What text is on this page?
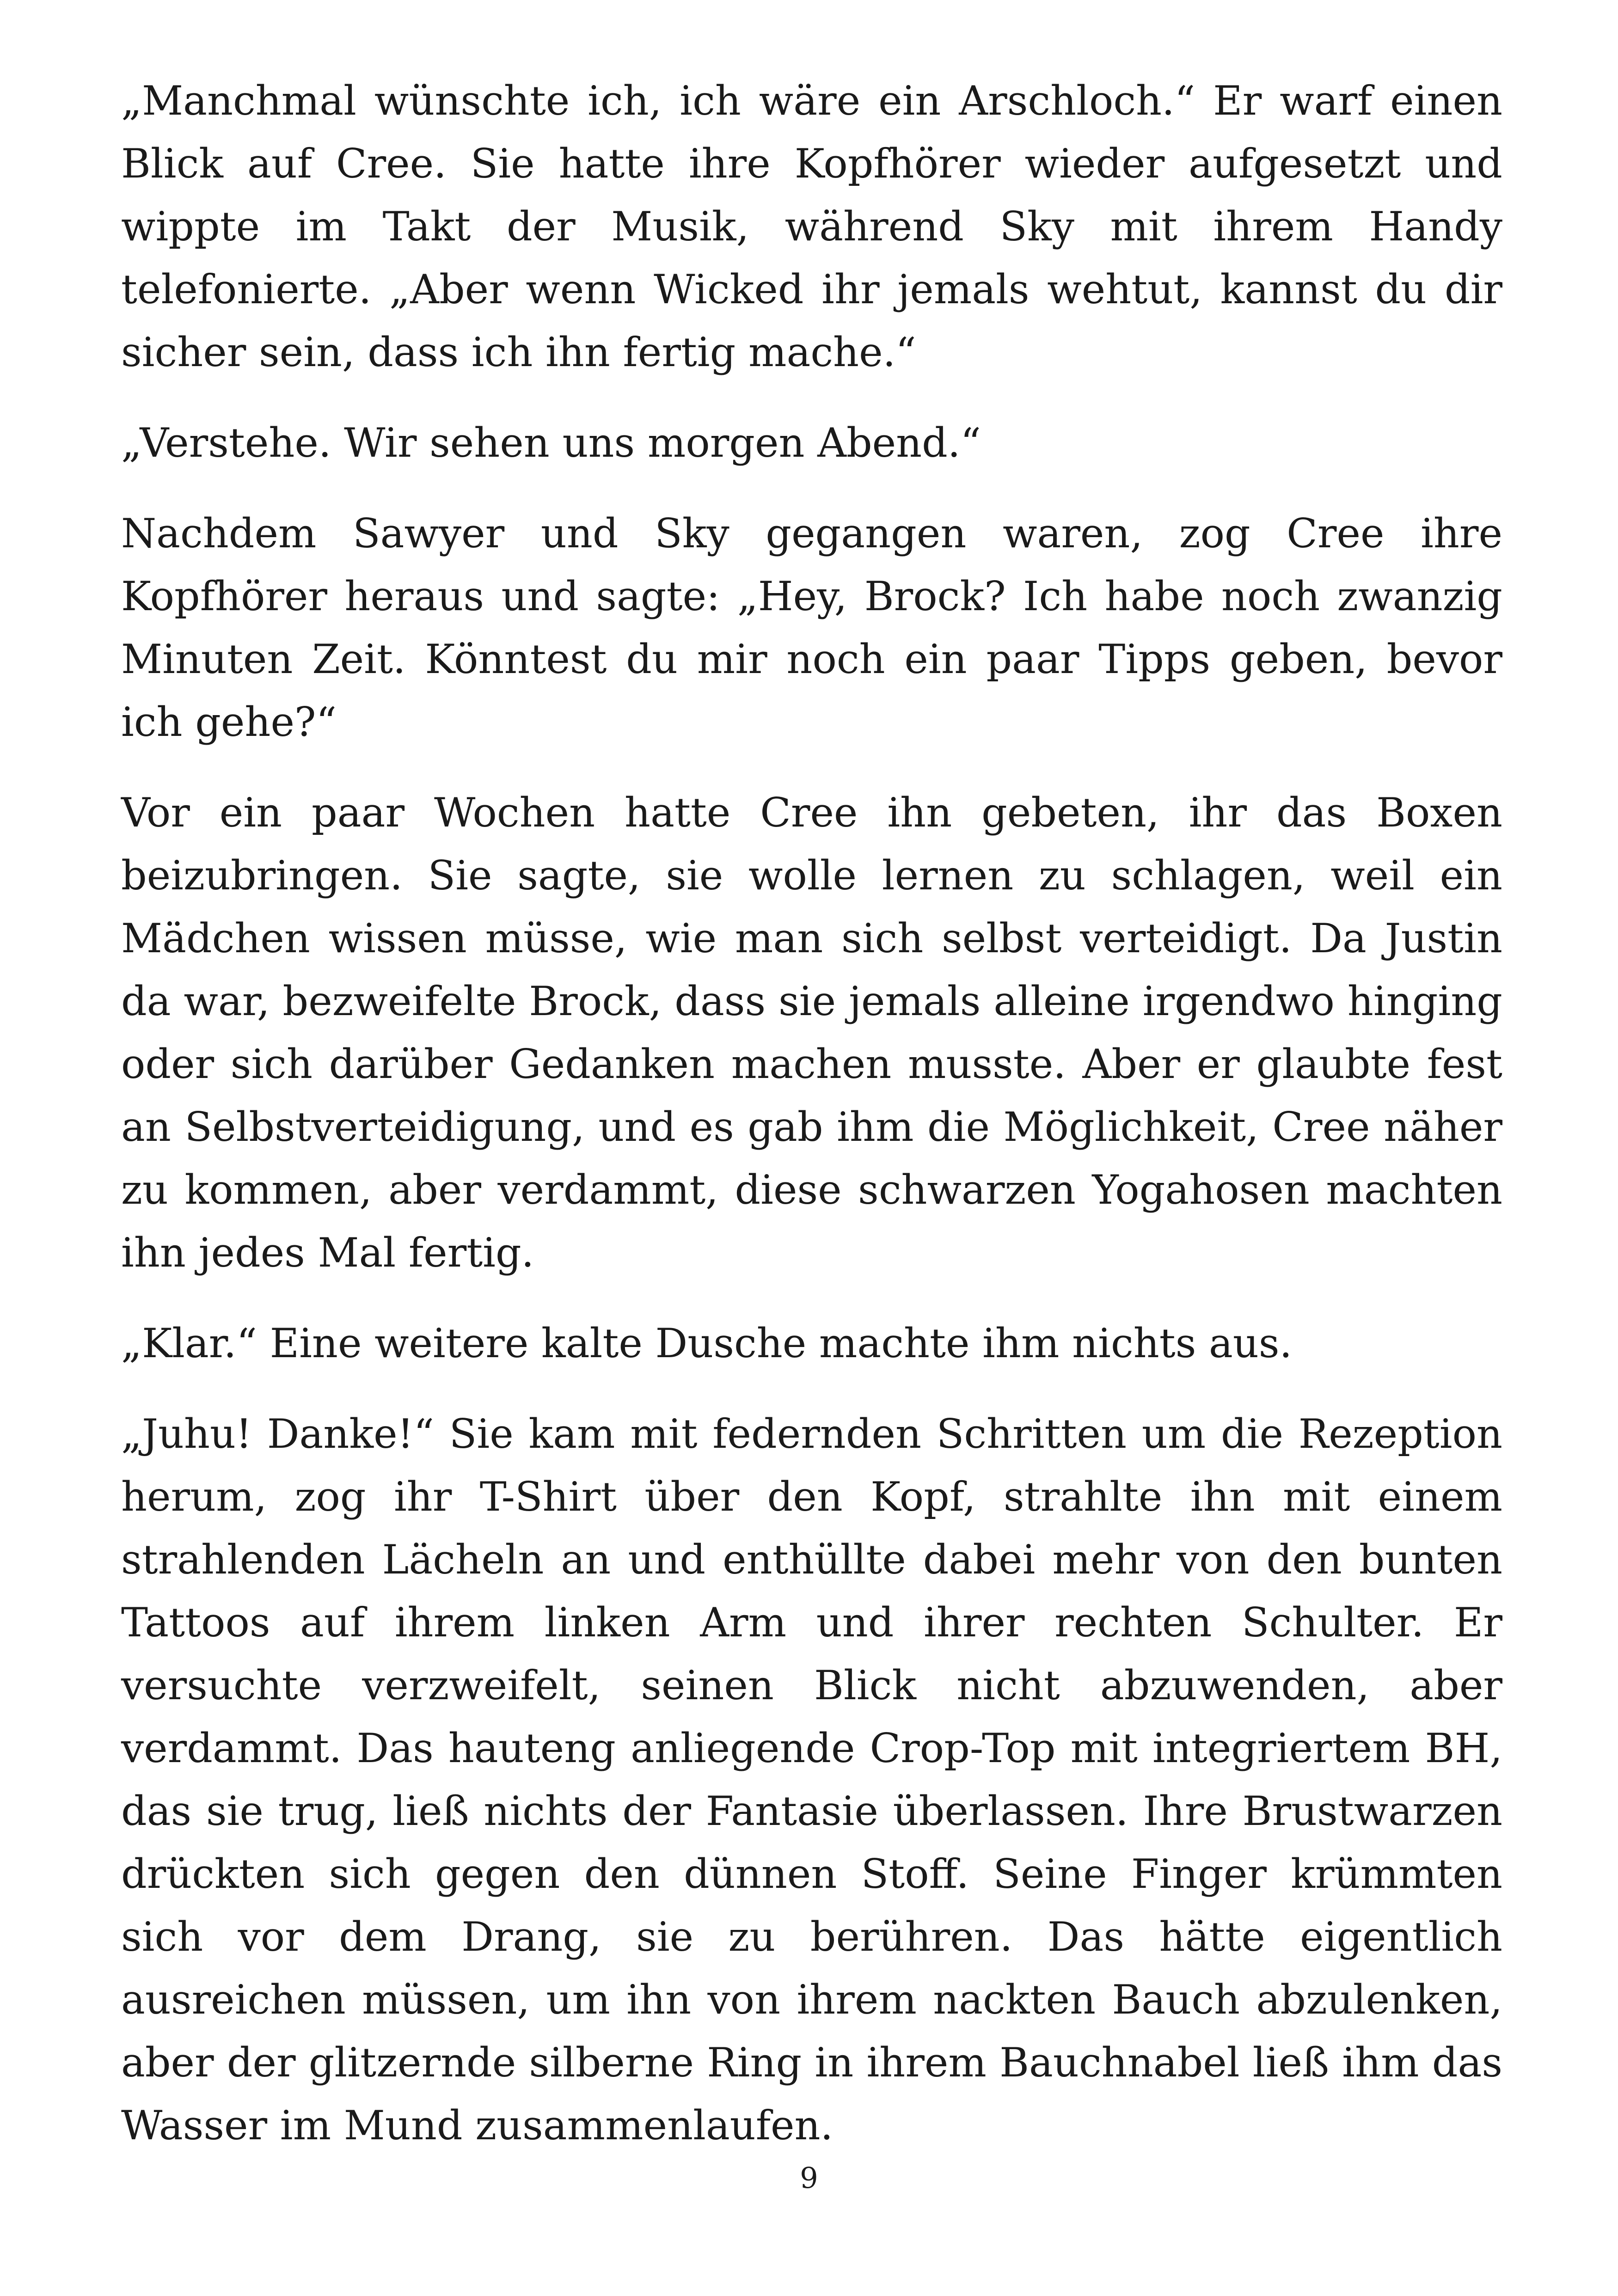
„Manchmal wünschte ich, ich wäre ein Arschloch.“ Er warf einen Blick auf Cree. Sie hatte ihre Kopfhörer wieder aufgesetzt und wippte im Takt der Musik, während Sky mit ihrem Handy telefonierte. „Aber wenn Wicked ihr jemals wehtut, kannst du dir sicher sein, dass ich ihn fertig mache.“

„Verstehe. Wir sehen uns morgen Abend.“

Nachdem Sawyer und Sky gegangen waren, zog Cree ihre Kopfhörer heraus und sagte: „Hey, Brock? Ich habe noch zwanzig Minuten Zeit. Könntest du mir noch ein paar Tipps geben, bevor ich gehe?“

Vor ein paar Wochen hatte Cree ihn gebeten, ihr das Boxen beizubringen. Sie sagte, sie wolle lernen zu schlagen, weil ein Mädchen wissen müsse, wie man sich selbst verteidigt. Da Justin da war, bezweifelte Brock, dass sie jemals alleine irgendwo hinging oder sich darüber Gedanken machen musste. Aber er glaubte fest an Selbstverteidigung, und es gab ihm die Möglichkeit, Cree näher zu kommen, aber verdammt, diese schwarzen Yogahosen machten ihn jedes Mal fertig.

„Klar.“ Eine weitere kalte Dusche machte ihm nichts aus.

„Juhu! Danke!“ Sie kam mit federnden Schritten um die Rezeption herum, zog ihr T-Shirt über den Kopf, strahlte ihn mit einem strahlenden Lächeln an und enthüllte dabei mehr von den bunten Tattoos auf ihrem linken Arm und ihrer rechten Schulter. Er versuchte verzweifelt, seinen Blick nicht abzuwenden, aber verdammt. Das hauteng anliegende Crop-Top mit integriertem BH, das sie trug, ließ nichts der Fantasie überlassen. Ihre Brustwarzen drückten sich gegen den dünnen Stoff. Seine Finger krümmten sich vor dem Drang, sie zu berühren. Das hätte eigentlich ausreichen müssen, um ihn von ihrem nackten Bauch abzulenken, aber der glitzernde silberne Ring in ihrem Bauchnabel ließ ihm das Wasser im Mund zusammenlaufen.

9
